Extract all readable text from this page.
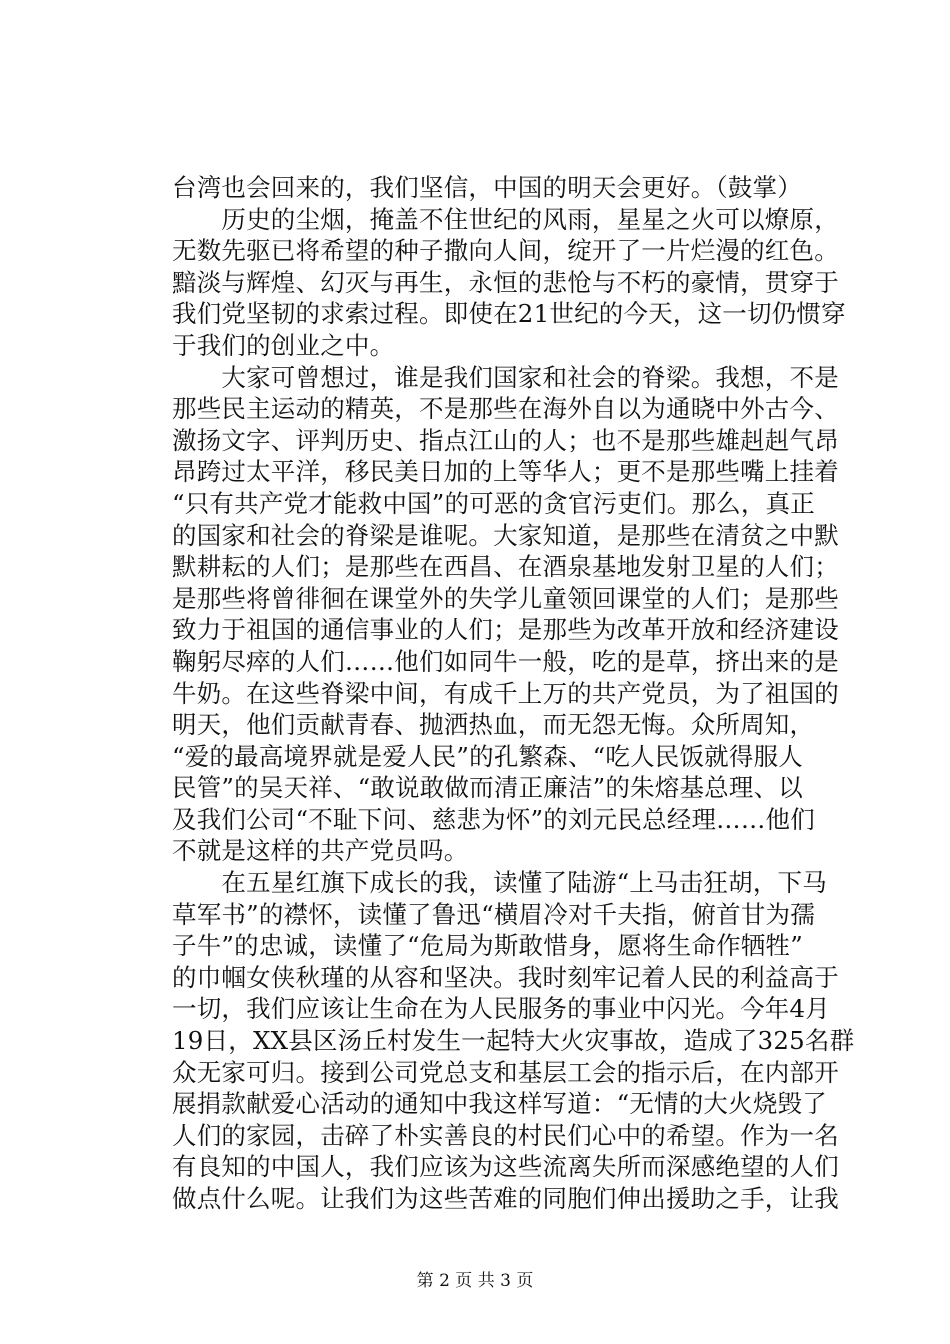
台湾也会回来的，我们坚信，中国的明天会更好。（鼓掌）
　　历史的尘烟，掩盖不住世纪的风雨，星星之火可以燎原，
无数先驱已将希望的种子撒向人间，绽开了一片烂漫的红色。
黯淡与辉煌、幻灭与再生，永恒的悲怆与不朽的豪情，贯穿于
我们党坚韧的求索过程。即使在21世纪的今天，这一切仍惯穿
于我们的创业之中。
　　大家可曾想过，谁是我们国家和社会的脊梁。我想，不是
那些民主运动的精英，不是那些在海外自以为通晓中外古今、
激扬文字、评判历史、指点江山的人；也不是那些雄赳赳气昂
昂跨过太平洋，移民美日加的上等华人；更不是那些嘴上挂着
“只有共产党才能救中国”的可恶的贪官污吏们。那么，真正
的国家和社会的脊梁是谁呢。大家知道，是那些在清贫之中默
默耕耘的人们；是那些在西昌、在酒泉基地发射卫星的人们；
是那些将曾徘徊在课堂外的失学儿童领回课堂的人们；是那些
致力于祖国的通信事业的人们；是那些为改革开放和经济建设
鞠躬尽瘁的人们……他们如同牛一般，吃的是草，挤出来的是
牛奶。在这些脊梁中间，有成千上万的共产党员，为了祖国的
明天，他们贡献青春、抛洒热血，而无怨无悔。众所周知，
“爱的最高境界就是爱人民”的孔繁森、“吃人民饭就得服人
民管”的吴天祥、“敢说敢做而清正廉洁”的朱熔基总理、以
及我们公司“不耻下问、慈悲为怀”的刘元民总经理……他们
不就是这样的共产党员吗。
　　在五星红旗下成长的我，读懂了陆游“上马击狂胡，下马
草军书”的襟怀，读懂了鲁迅“横眉冷对千夫指，俯首甘为孺
子牛”的忠诚，读懂了“危局为斯敢惜身，愿将生命作牺牲”
的巾帼女侠秋瑾的从容和坚决。我时刻牢记着人民的利益高于
一切，我们应该让生命在为人民服务的事业中闪光。今年4月
19日，XX县区汤丘村发生一起特大火灾事故，造成了325名群
众无家可归。接到公司党总支和基层工会的指示后，在内部开
展捐款献爱心活动的通知中我这样写道：“无情的大火烧毁了
人们的家园，击碎了朴实善良的村民们心中的希望。作为一名
有良知的中国人，我们应该为这些流离失所而深感绝望的人们
做点什么呢。让我们为这些苦难的同胞们伸出援助之手，让我
第 2 页 共 3 页
